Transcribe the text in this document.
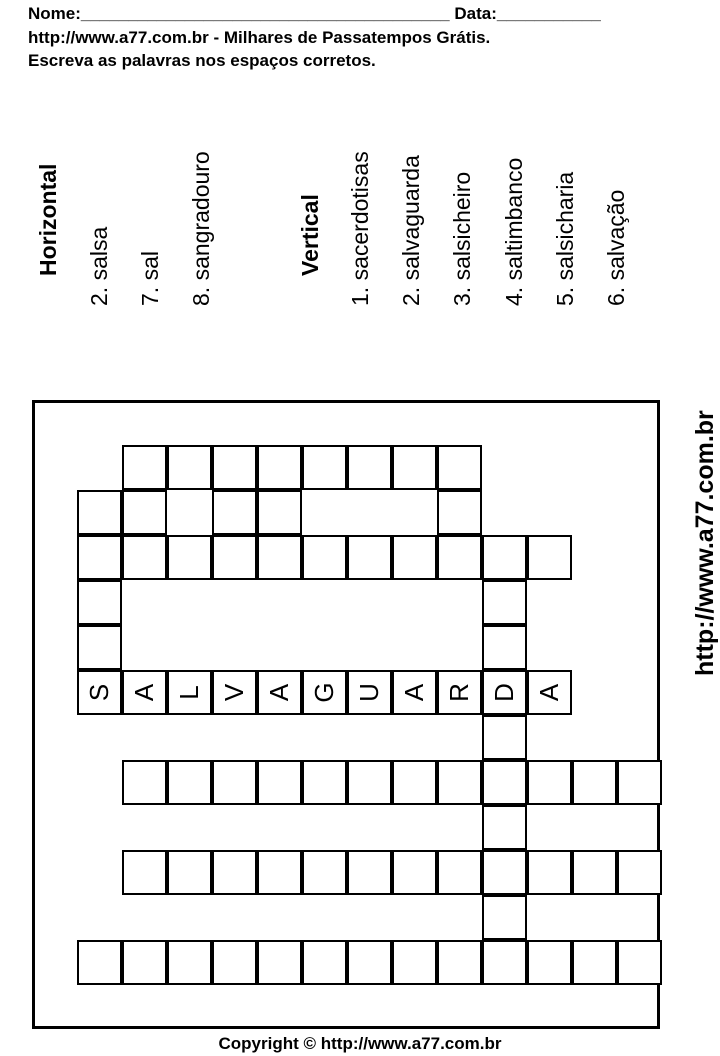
Nome:_______________________________________ Data:___________
http://www.a77.com.br - Milhares de Passatempos Grátis.
Escreva as palavras nos espaços corretos.
Horizontal 2. salsa 7. sal 8. sangradouro	Vertical 1. sacerdotisas 2. salvaguarda 3. salsicheiro 4. saltimbanco 5. salsicharia 6. salvação
http://www.a77.com.br
S A L V A G U A R D A
Copyright © http://www.a77.com.br
